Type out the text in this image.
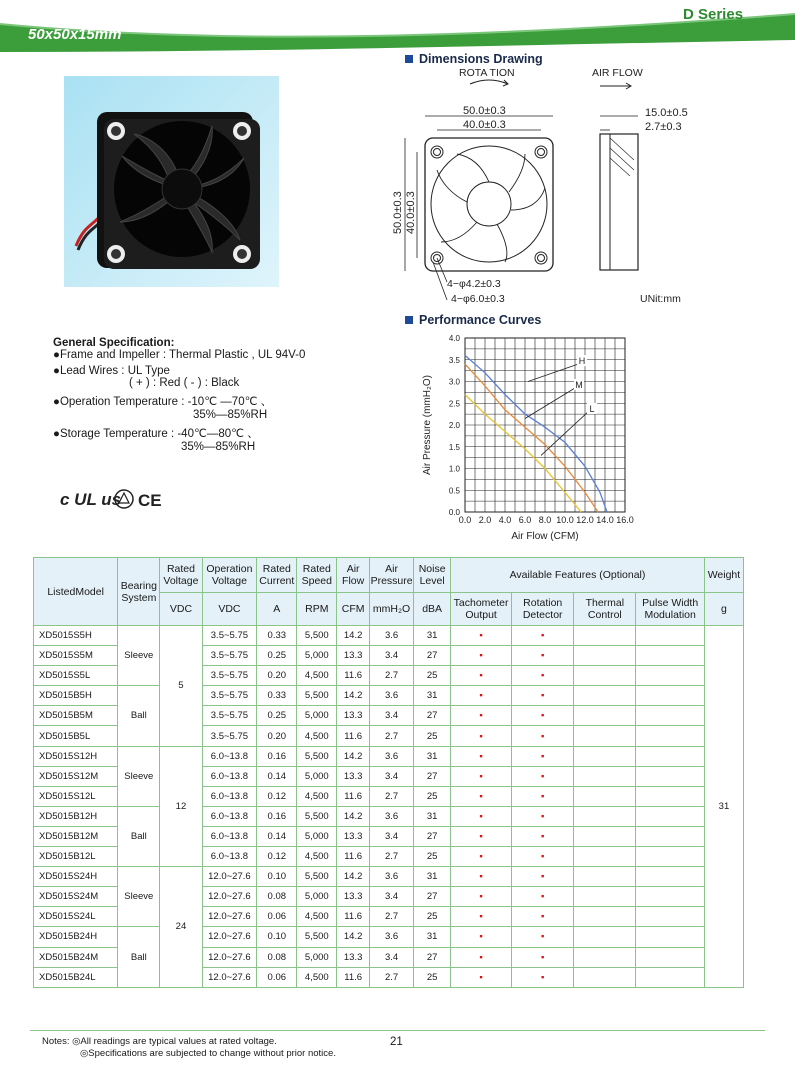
D Series
50x50x15mm
Dimensions Drawing
ROTA TION	AIR FLOW
50.0±0.3
40.0±0.3
50.0±0.3 40.0±0.3
4−φ4.2±0.3
4−φ6.0±0.3
15.0±0.5
2.7±0.3
UNit:mm
Performance Curves
0.0 2.0 4.0 6.0 8.0 10.0 12.0 14.0 16.0
0.0
0.5
1.0
1.5
2.0
2.5
3.0
3.5
4.0
Air Flow (CFM)
Air Pressure (mmH₂O)
H
M
L
General Specification:
●Frame and Impeller : Thermal Plastic , UL 94V-0
●Lead Wires : UL Type
( + ) : Red ( - ) : Black
●Operation Temperature : -10℃ —70℃ 、
35%—85%RH
●Storage Temperature : -40℃—80℃ 、
35%—85%RH
c UL us CE
ListedModel	Bearing System	Rated Voltage	Operation Voltage	Rated Current	Rated Speed	Air Flow	Air Pressure	Noise Level	Available Features (Optional)				Weight
		VDC	VDC	A	RPM	CFM	mmH₂O	dBA	Tachometer Output	Rotation Detector	Thermal Control	Pulse Width Modulation	g
XD5015S5H	Sleeve	5	3.5~5.75	0.33	5,500	14.2	3.6	31	▪	▪			31
XD5015S5M			3.5~5.75	0.25	5,000	13.3	3.4	27	▪	▪			
XD5015S5L			3.5~5.75	0.20	4,500	11.6	2.7	25	▪	▪			
XD5015B5H	Ball		3.5~5.75	0.33	5,500	14.2	3.6	31	▪	▪			
XD5015B5M			3.5~5.75	0.25	5,000	13.3	3.4	27	▪	▪			
XD5015B5L			3.5~5.75	0.20	4,500	11.6	2.7	25	▪	▪			
XD5015S12H	Sleeve	12	6.0~13.8	0.16	5,500	14.2	3.6	31	▪	▪			
XD5015S12M			6.0~13.8	0.14	5,000	13.3	3.4	27	▪	▪			
XD5015S12L			6.0~13.8	0.12	4,500	11.6	2.7	25	▪	▪			
XD5015B12H	Ball		6.0~13.8	0.16	5,500	14.2	3.6	31	▪	▪			
XD5015B12M			6.0~13.8	0.14	5,000	13.3	3.4	27	▪	▪			
XD5015B12L			6.0~13.8	0.12	4,500	11.6	2.7	25	▪	▪			
XD5015S24H	Sleeve	24	12.0~27.6	0.10	5,500	14.2	3.6	31	▪	▪			
XD5015S24M			12.0~27.6	0.08	5,000	13.3	3.4	27	▪	▪			
XD5015S24L			12.0~27.6	0.06	4,500	11.6	2.7	25	▪	▪			
XD5015B24H	Ball		12.0~27.6	0.10	5,500	14.2	3.6	31	▪	▪			
XD5015B24M			12.0~27.6	0.08	5,000	13.3	3.4	27	▪	▪			
XD5015B24L			12.0~27.6	0.06	4,500	11.6	2.7	25	▪	▪			
Notes: ◎All readings are typical values at rated voltage.
◎Specifications are subjected to change without prior notice.
21
